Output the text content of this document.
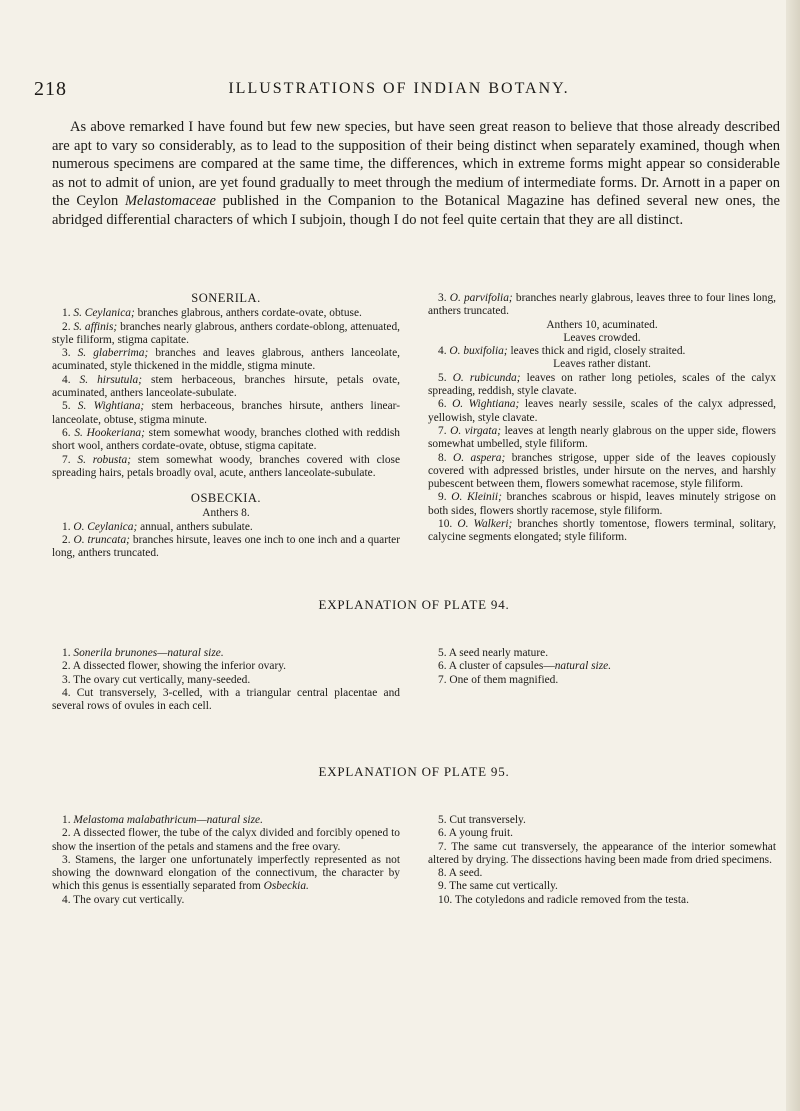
218	ILLUSTRATIONS OF INDIAN BOTANY.
As above remarked I have found but few new species, but have seen great reason to believe that those already described are apt to vary so considerably, as to lead to the supposition of their being distinct when separately examined, though when numerous specimens are compared at the same time, the differences, which in extreme forms might appear so considerable as not to admit of union, are yet found gradually to meet through the medium of intermediate forms. Dr. Arnott in a paper on the Ceylon Melastomaceae published in the Companion to the Botanical Magazine has defined several new ones, the abridged differential characters of which I subjoin, though I do not feel quite certain that they are all distinct.
SONERILA.

1. S. Ceylanica; branches glabrous, anthers cordate-ovate, obtuse.

2. S. affinis; branches nearly glabrous, anthers cordate-oblong, attenuated, style filiform, stigma capitate.

3. S. glaberrima; branches and leaves glabrous, anthers lanceolate, acuminated, style thickened in the middle, stigma minute.

4. S. hirsutula; stem herbaceous, branches hirsute, petals ovate, acuminated, anthers lanceolate-subulate.

5. S. Wightiana; stem herbaceous, branches hirsute, anthers linear-lanceolate, obtuse, stigma minute.

6. S. Hookeriana; stem somewhat woody, branches clothed with reddish short wool, anthers cordate-ovate, obtuse, stigma capitate.

7. S. robusta; stem somewhat woody, branches covered with close spreading hairs, petals broadly oval, acute, anthers lanceolate-subulate.

OSBECKIA.

Anthers 8.

1. O. Ceylanica; annual, anthers subulate.

2. O. truncata; branches hirsute, leaves one inch to one inch and a quarter long, anthers truncated.

3. O. parvifolia; branches nearly glabrous, leaves three to four lines long, anthers truncated.

Anthers 10, acuminated.

Leaves crowded.

4. O. buxifolia; leaves thick and rigid, closely straited.

Leaves rather distant.

5. O. rubicunda; leaves on rather long petioles, scales of the calyx spreading, reddish, style clavate.

6. O. Wightiana; leaves nearly sessile, scales of the calyx adpressed, yellowish, style clavate.

7. O. virgata; leaves at length nearly glabrous on the upper side, flowers somewhat umbelled, style filiform.

8. O. aspera; branches strigose, upper side of the leaves copiously covered with adpressed bristles, under hirsute on the nerves, and harshly pubescent between them, flowers somewhat racemose, style filiform.

9. O. Kleinii; branches scabrous or hispid, leaves minutely strigose on both sides, flowers shortly racemose, style filiform.

10. O. Walkeri; branches shortly tomentose, flowers terminal, solitary, calycine segments elongated; style filiform.

EXPLANATION OF PLATE 94.

1. Sonerila brunones—natural size.

2. A dissected flower, showing the inferior ovary.

3. The ovary cut vertically, many-seeded.

4. Cut transversely, 3-celled, with a triangular central placentae and several rows of ovules in each cell.

5. A seed nearly mature.

6. A cluster of capsules—natural size.

7. One of them magnified.

EXPLANATION OF PLATE 95.

1. Melastoma malabathricum—natural size.

2. A dissected flower, the tube of the calyx divided and forcibly opened to show the insertion of the petals and stamens and the free ovary.

3. Stamens, the larger one unfortunately imperfectly represented as not showing the downward elongation of the connectivum, the character by which this genus is essentially separated from Osbeckia.

4. The ovary cut vertically.

5. Cut transversely.

6. A young fruit.

7. The same cut transversely, the appearance of the interior somewhat altered by drying. The dissections having been made from dried specimens.

8. A seed.

9. The same cut vertically.

10. The cotyledons and radicle removed from the testa.
